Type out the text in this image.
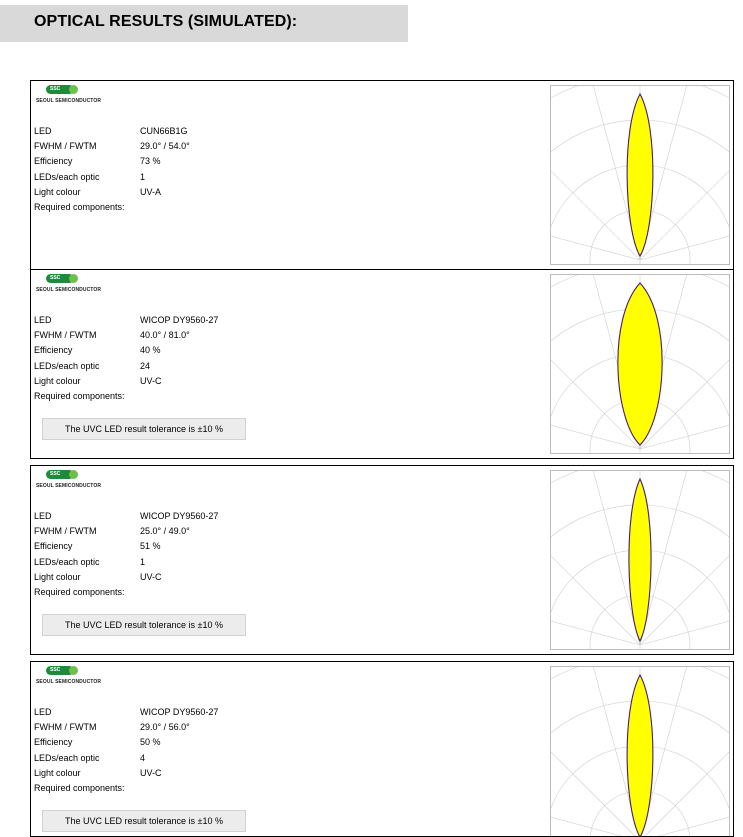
OPTICAL RESULTS (SIMULATED):
SSC
SEOUL SEMICONDUCTOR
LED	CUN66B1G
FWHM / FWTM	29.0° / 54.0°
Efficiency	73 %
LEDs/each optic	1
Light colour	UV-A
Required components:
SSC
SEOUL SEMICONDUCTOR
LED	WICOP DY9560-27
FWHM / FWTM	40.0° / 81.0°
Efficiency	40 %
LEDs/each optic	24
Light colour	UV-C
Required components:
The UVC LED result tolerance is ±10 %
SSC
SEOUL SEMICONDUCTOR
LED	WICOP DY9560-27
FWHM / FWTM	25.0° / 49.0°
Efficiency	51 %
LEDs/each optic	1
Light colour	UV-C
Required components:
The UVC LED result tolerance is ±10 %
SSC
SEOUL SEMICONDUCTOR
LED	WICOP DY9560-27
FWHM / FWTM	29.0° / 56.0°
Efficiency	50 %
LEDs/each optic	4
Light colour	UV-C
Required components:
The UVC LED result tolerance is ±10 %
